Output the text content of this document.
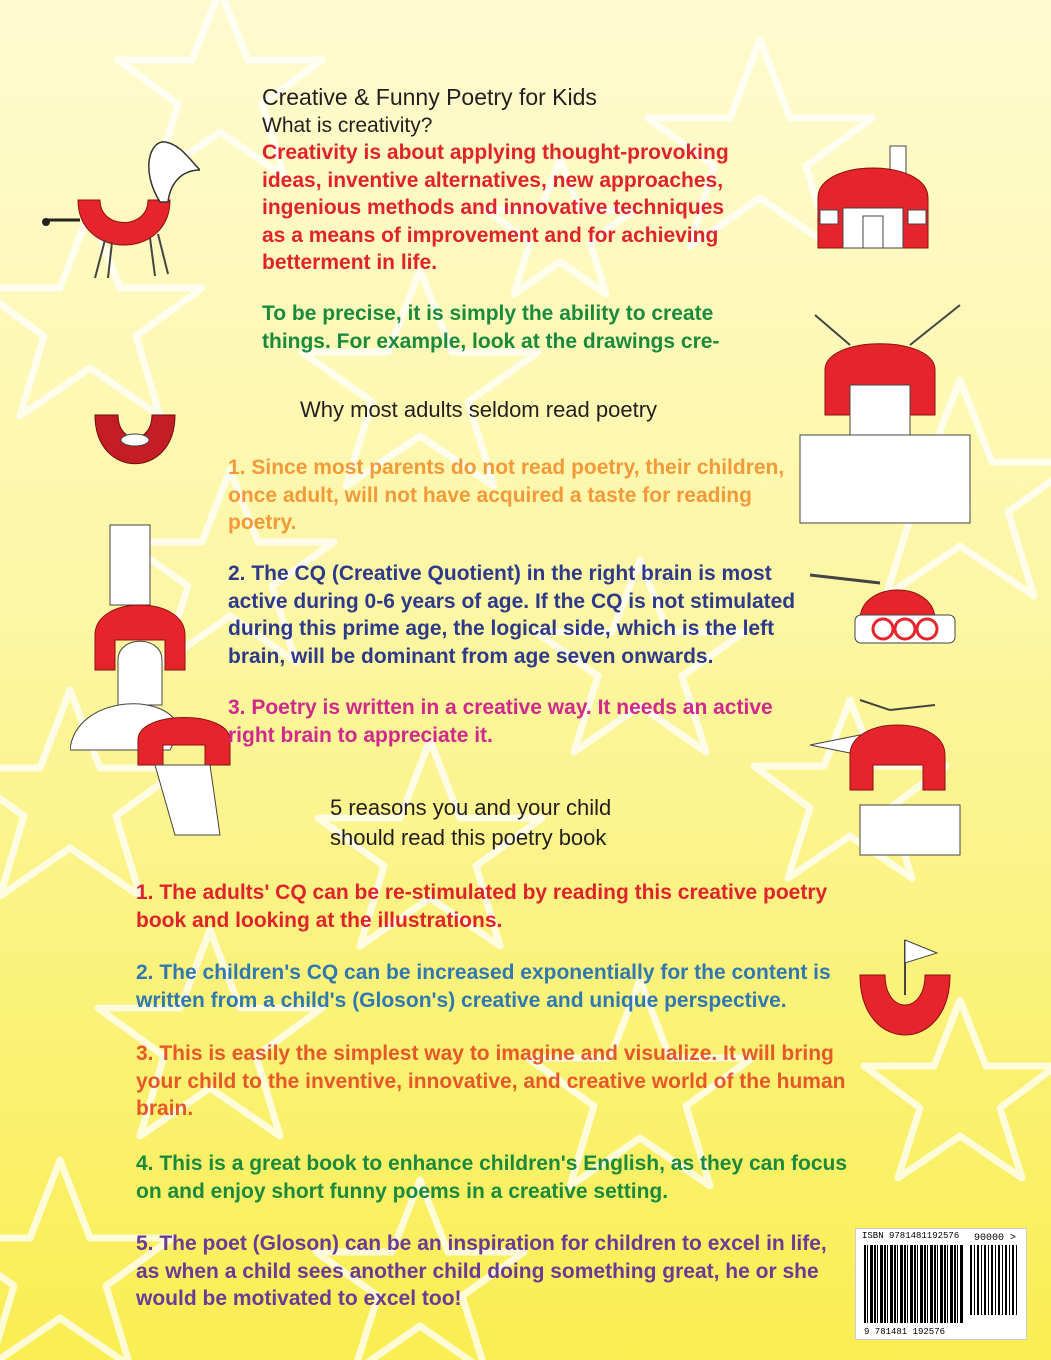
Creative & Funny Poetry for Kids

What is creativity?

Creativity is about applying thought-provoking
ideas, inventive alternatives, new approaches,
ingenious methods and innovative techniques
as a means of improvement and for achieving
betterment in life.
To be precise, it is simply the ability to create
things. For example, look at the drawings cre-
Why most adults seldom read poetry
1. Since most parents do not read poetry, their children,
once adult, will not have acquired a taste for reading
poetry.
2. The CQ (Creative Quotient) in the right brain is most
active during 0-6 years of age. If the CQ is not stimulated
during this prime age, the logical side, which is the left
brain, will be dominant from age seven onwards.
3. Poetry is written in a creative way. It needs an active
right brain to appreciate it.
5 reasons you and your child
should read this poetry book
1. The adults' CQ can be re-stimulated by reading this creative poetry
book and looking at the illustrations.
2. The children's CQ can be increased exponentially for the content is
written from a child's (Gloson's) creative and unique perspective.
3. This is easily the simplest way to imagine and visualize. It will bring
your child to the inventive, innovative, and creative world of the human
brain.
4. This is a great book to enhance children's English, as they can focus
on and enjoy short funny poems in a creative setting.
5. The poet (Gloson) can be an inspiration for children to excel in life,
as when a child sees another child doing something great, he or she
would be motivated to excel too!
ISBN 9781481192576 90000 >
9 781481 192576
